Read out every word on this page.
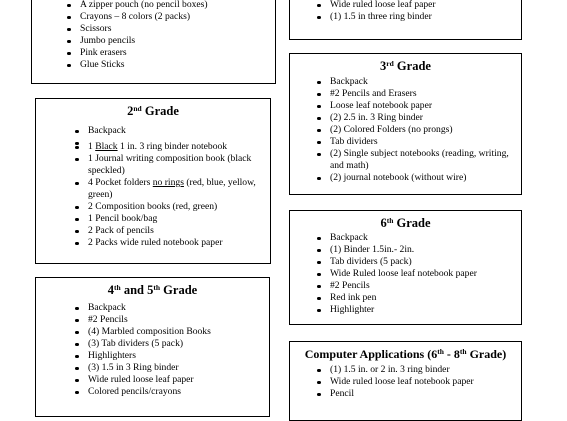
A zipper pouch (no pencil boxes)
Crayons – 8 colors (2 packs)
Scissors
Jumbo pencils
Pink erasers
Glue Sticks
2nd Grade
Backpack
1 Black 1 in. 3 ring binder notebook
1 Journal writing composition book (black speckled)
4 Pocket folders no rings (red, blue, yellow, green)
2 Composition books (red, green)
1 Pencil book/bag
2 Pack of pencils
2 Packs wide ruled notebook paper
4th and 5th Grade
Backpack
#2 Pencils
(4) Marbled composition Books
(3) Tab dividers (5 pack)
Highlighters
(3) 1.5 in 3 Ring binder
Wide ruled loose leaf paper
Colored pencils/crayons
Wide ruled loose leaf paper
(1) 1.5 in three ring binder
3rd Grade
Backpack
#2 Pencils and Erasers
Loose leaf notebook paper
(2) 2.5 in. 3 Ring binder
(2) Colored Folders (no prongs)
Tab dividers
(2) Single subject notebooks (reading, writing, and math)
(2) journal notebook (without wire)
6th Grade
Backpack
(1) Binder 1.5in.- 2in.
Tab dividers (5 pack)
Wide Ruled loose leaf notebook paper
#2 Pencils
Red ink pen
Highlighter
Computer Applications (6th - 8th Grade)
(1) 1.5 in. or 2 in. 3 ring binder
Wide ruled loose leaf notebook paper
Pencil
